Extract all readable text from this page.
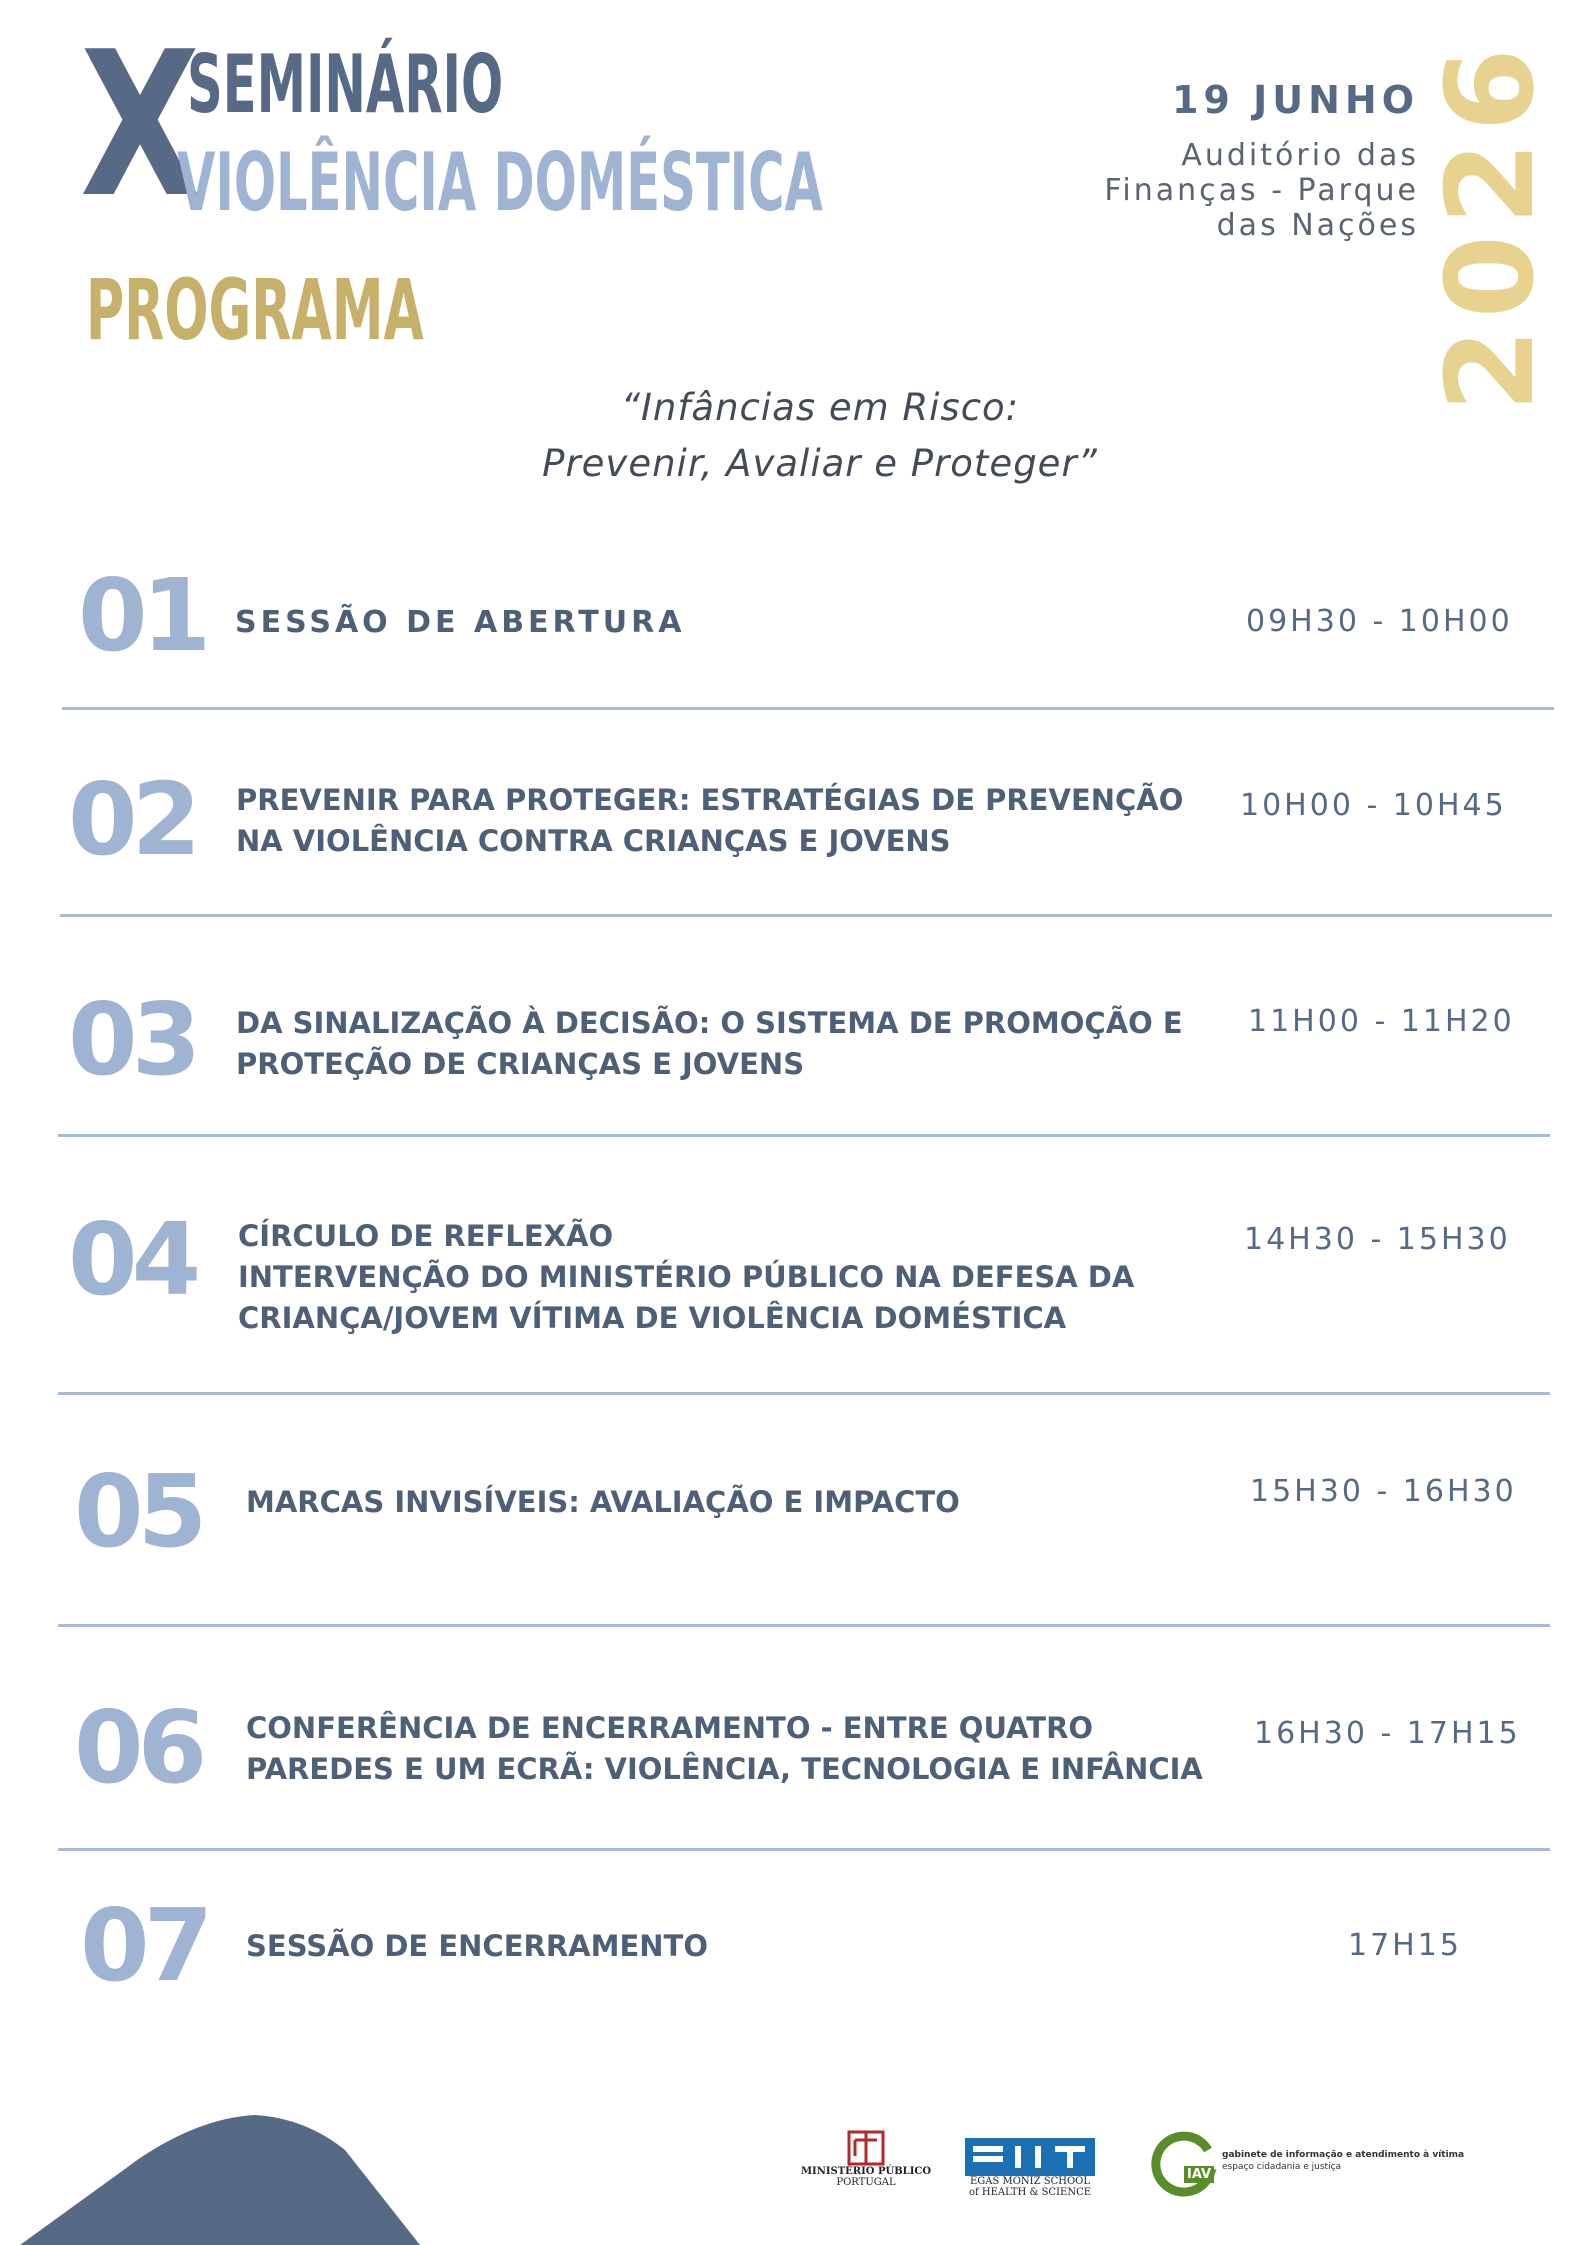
X
SEMINÁRIO
VIOLÊNCIA DOMÉSTICA
PROGRAMA
19 JUNHO
Auditório das
Finanças - Parque
das Nações 2026
“Infâncias em Risco:
Prevenir, Avaliar e Proteger”
01 SESSÃO DE ABERTURA	09H30 - 10H00
02 PREVENIR PARA PROTEGER: ESTRATÉGIAS DE PREVENÇÃO
NA VIOLÊNCIA CONTRA CRIANÇAS E JOVENS
10H00 - 10H45
03 DA SINALIZAÇÃO À DECISÃO: O SISTEMA DE PROMOÇÃO E
PROTEÇÃO DE CRIANÇAS E JOVENS
11H00 - 11H20
04 CÍRCULO DE REFLEXÃO
INTERVENÇÃO DO MINISTÉRIO PÚBLICO NA DEFESA DA
CRIANÇA/JOVEM VÍTIMA DE VIOLÊNCIA DOMÉSTICA
14H30 - 15H30
05 MARCAS INVISÍVEIS: AVALIAÇÃO E IMPACTO	15H30 - 16H30
06 CONFERÊNCIA DE ENCERRAMENTO - ENTRE QUATRO
PAREDES E UM ECRÃ: VIOLÊNCIA, TECNOLOGIA E INFÂNCIA
16H30 - 17H15
07 SESSÃO DE ENCERRAMENTO	17H15
MINISTÉRIO PÚBLICO
PORTUGAL	EGAS MONIZ SCHOOL
of HEALTH & SCIENCE
IAV
gabinete de informação e atendimento à vítima
espaço cidadania e justiça
